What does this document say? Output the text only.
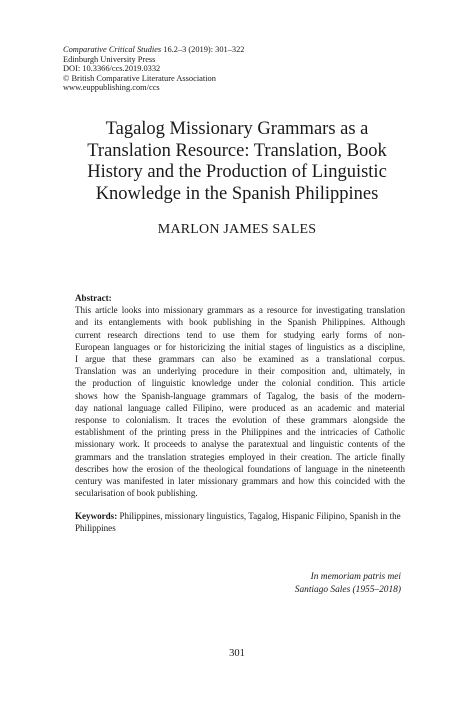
Comparative Critical Studies 16.2–3 (2019): 301–322
Edinburgh University Press
DOI: 10.3366/ccs.2019.0332
© British Comparative Literature Association
www.euppublishing.com/ccs
Tagalog Missionary Grammars as a
Translation Resource: Translation, Book
History and the Production of Linguistic
Knowledge in the Spanish Philippines
MARLON JAMES SALES
Abstract:
This article looks into missionary grammars as a resource for investigating translation
and its entanglements with book publishing in the Spanish Philippines. Although
current research directions tend to use them for studying early forms of non-
European languages or for historicizing the initial stages of linguistics as a discipline,
I argue that these grammars can also be examined as a translational corpus.
Translation was an underlying procedure in their composition and, ultimately, in
the production of linguistic knowledge under the colonial condition. This article
shows how the Spanish-language grammars of Tagalog, the basis of the modern-
day national language called Filipino, were produced as an academic and material
response to colonialism. It traces the evolution of these grammars alongside the
establishment of the printing press in the Philippines and the intricacies of Catholic
missionary work. It proceeds to analyse the paratextual and linguistic contents of the
grammars and the translation strategies employed in their creation. The article finally
describes how the erosion of the theological foundations of language in the nineteenth
century was manifested in later missionary grammars and how this coincided with the
secularisation of book publishing.
Keywords: Philippines, missionary linguistics, Tagalog, Hispanic Filipino, Spanish in the Philippines
In memoriam patris mei
Santiago Sales (1955–2018)
301
